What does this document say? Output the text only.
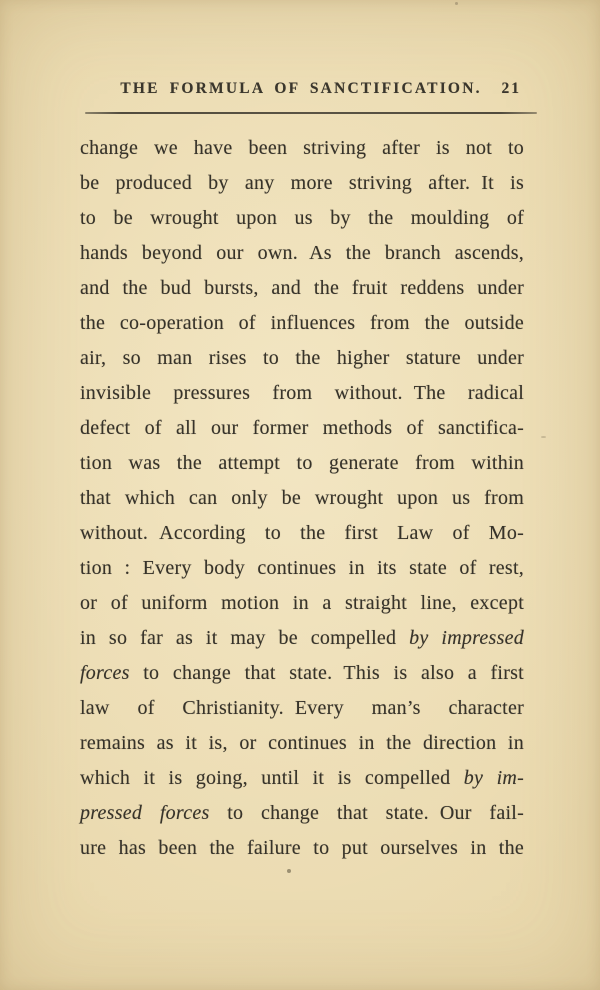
THE FORMULA OF SANCTIFICATION. 21
change we have been striving after is not to
be produced by any more striving after. It is
to be wrought upon us by the moulding of
hands beyond our own. As the branch ascends,
and the bud bursts, and the fruit reddens under
the co-operation of influences from the outside
air, so man rises to the higher stature under
invisible pressures from without. The radical
defect of all our former methods of sanctifica-
tion was the attempt to generate from within
that which can only be wrought upon us from
without. According to the first Law of Mo-
tion : Every body continues in its state of rest,
or of uniform motion in a straight line, except
in so far as it may be compelled by impressed
forces to change that state. This is also a first
law of Christianity. Every man’s character
remains as it is, or continues in the direction in
which it is going, until it is compelled by im-
pressed forces to change that state. Our fail-
ure has been the failure to put ourselves in the
